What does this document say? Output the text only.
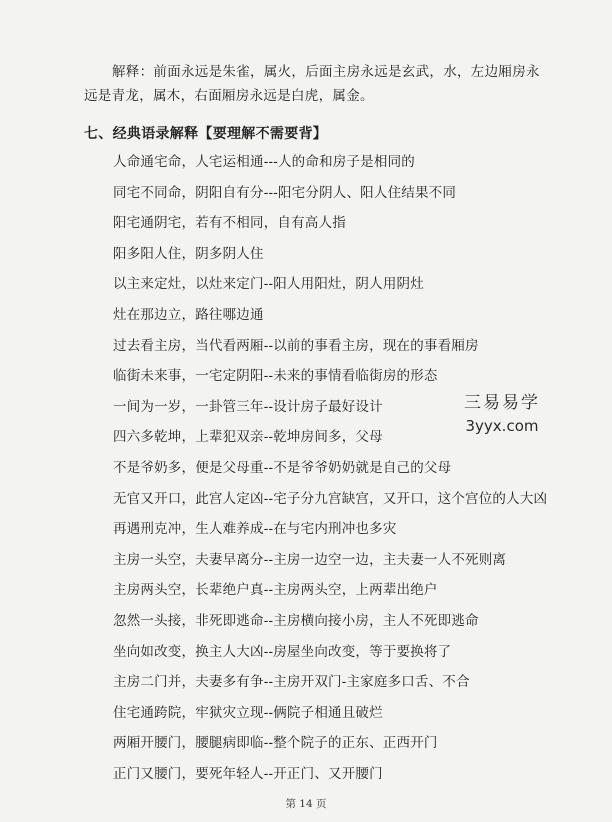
解释：前面永远是朱雀，属火，后面主房永远是玄武，水，左边厢房永远是青龙，属木，右面厢房永远是白虎，属金。
七、经典语录解释【要理解不需要背】
人命通宅命，人宅运相通---人的命和房子是相同的
同宅不同命，阴阳自有分---阳宅分阴人、阳人住结果不同
阳宅通阴宅，若有不相同，自有高人指
阳多阳人住，阴多阴人住
以主来定灶，以灶来定门--阳人用阳灶，阴人用阴灶
灶在那边立，路往哪边通
过去看主房，当代看两厢--以前的事看主房，现在的事看厢房
临街未来事，一宅定阴阳--未来的事情看临街房的形态
一间为一岁，一卦管三年--设计房子最好设计
四六多乾坤，上辈犯双亲--乾坤房间多，父母
不是爷奶多，便是父母重--不是爷爷奶奶就是自己的父母
无官又开口，此宫人定凶--宅子分九宫缺宫，又开口，这个宫位的人大凶
再遇刑克冲，生人难养成--在与宅内刑冲也多灾
主房一头空，夫妻早离分--主房一边空一边，主夫妻一人不死则离
主房两头空，长辈绝户真--主房两头空，上两辈出绝户
忽然一头接，非死即逃命--主房横向接小房，主人不死即逃命
坐向如改变，换主人大凶--房屋坐向改变，等于要换将了
主房二门并，夫妻多有争--主房开双门-主家庭多口舌、不合
住宅通跨院，牢狱灾立现--俩院子相通且破烂
两厢开腰门，腰腿病即临--整个院子的正东、正西开门
正门又腰门，要死年轻人--开正门、又开腰门
三易易学
3yyx.com
第 14 页
